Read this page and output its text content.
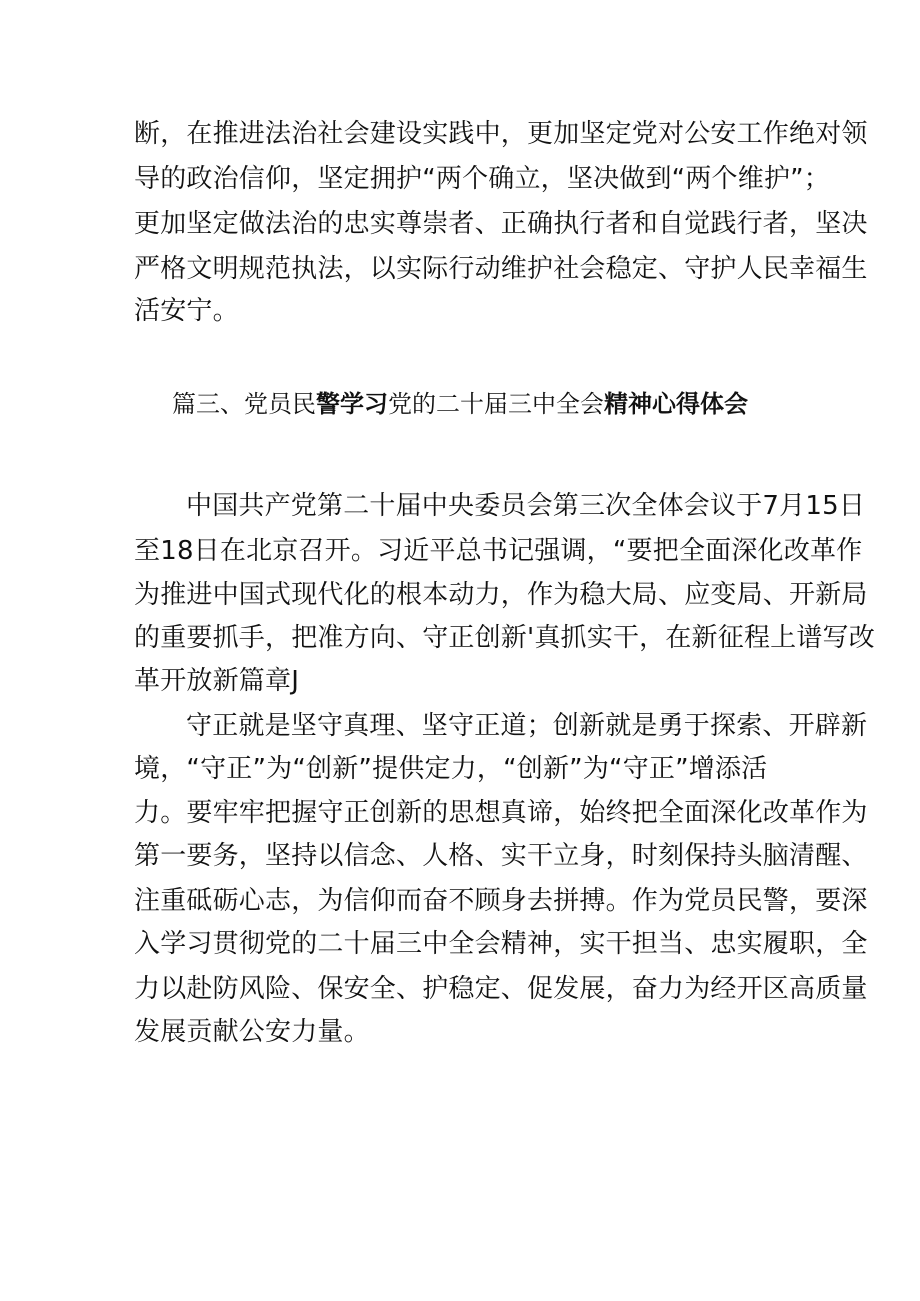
断，在推进法治社会建设实践中，更加坚定党对公安工作绝对领
导的政治信仰，坚定拥护“两个确立，坚决做到“两个维护”；
更加坚定做法治的忠实尊崇者、正确执行者和自觉践行者，坚决
严格文明规范执法，以实际行动维护社会稳定、守护人民幸福生
活安宁。
篇三、党员民警学习党的二十届三中全会精神心得体会
中国共产党第二十届中央委员会第三次全体会议于7月15日
至18日在北京召开。习近平总书记强调，“要把全面深化改革作
为推进中国式现代化的根本动力，作为稳大局、应变局、开新局
的重要抓手，把准方向、守正创新'真抓实干，在新征程上谱写改
革开放新篇章J
守正就是坚守真理、坚守正道；创新就是勇于探索、开辟新
境，“守正”为“创新”提供定力，“创新”为“守正”增添活
力。要牢牢把握守正创新的思想真谛，始终把全面深化改革作为
第一要务，坚持以信念、人格、实干立身，时刻保持头脑清醒、
注重砥砺心志，为信仰而奋不顾身去拼搏。作为党员民警，要深
入学习贯彻党的二十届三中全会精神，实干担当、忠实履职，全
力以赴防风险、保安全、护稳定、促发展，奋力为经开区高质量
发展贡献公安力量。
